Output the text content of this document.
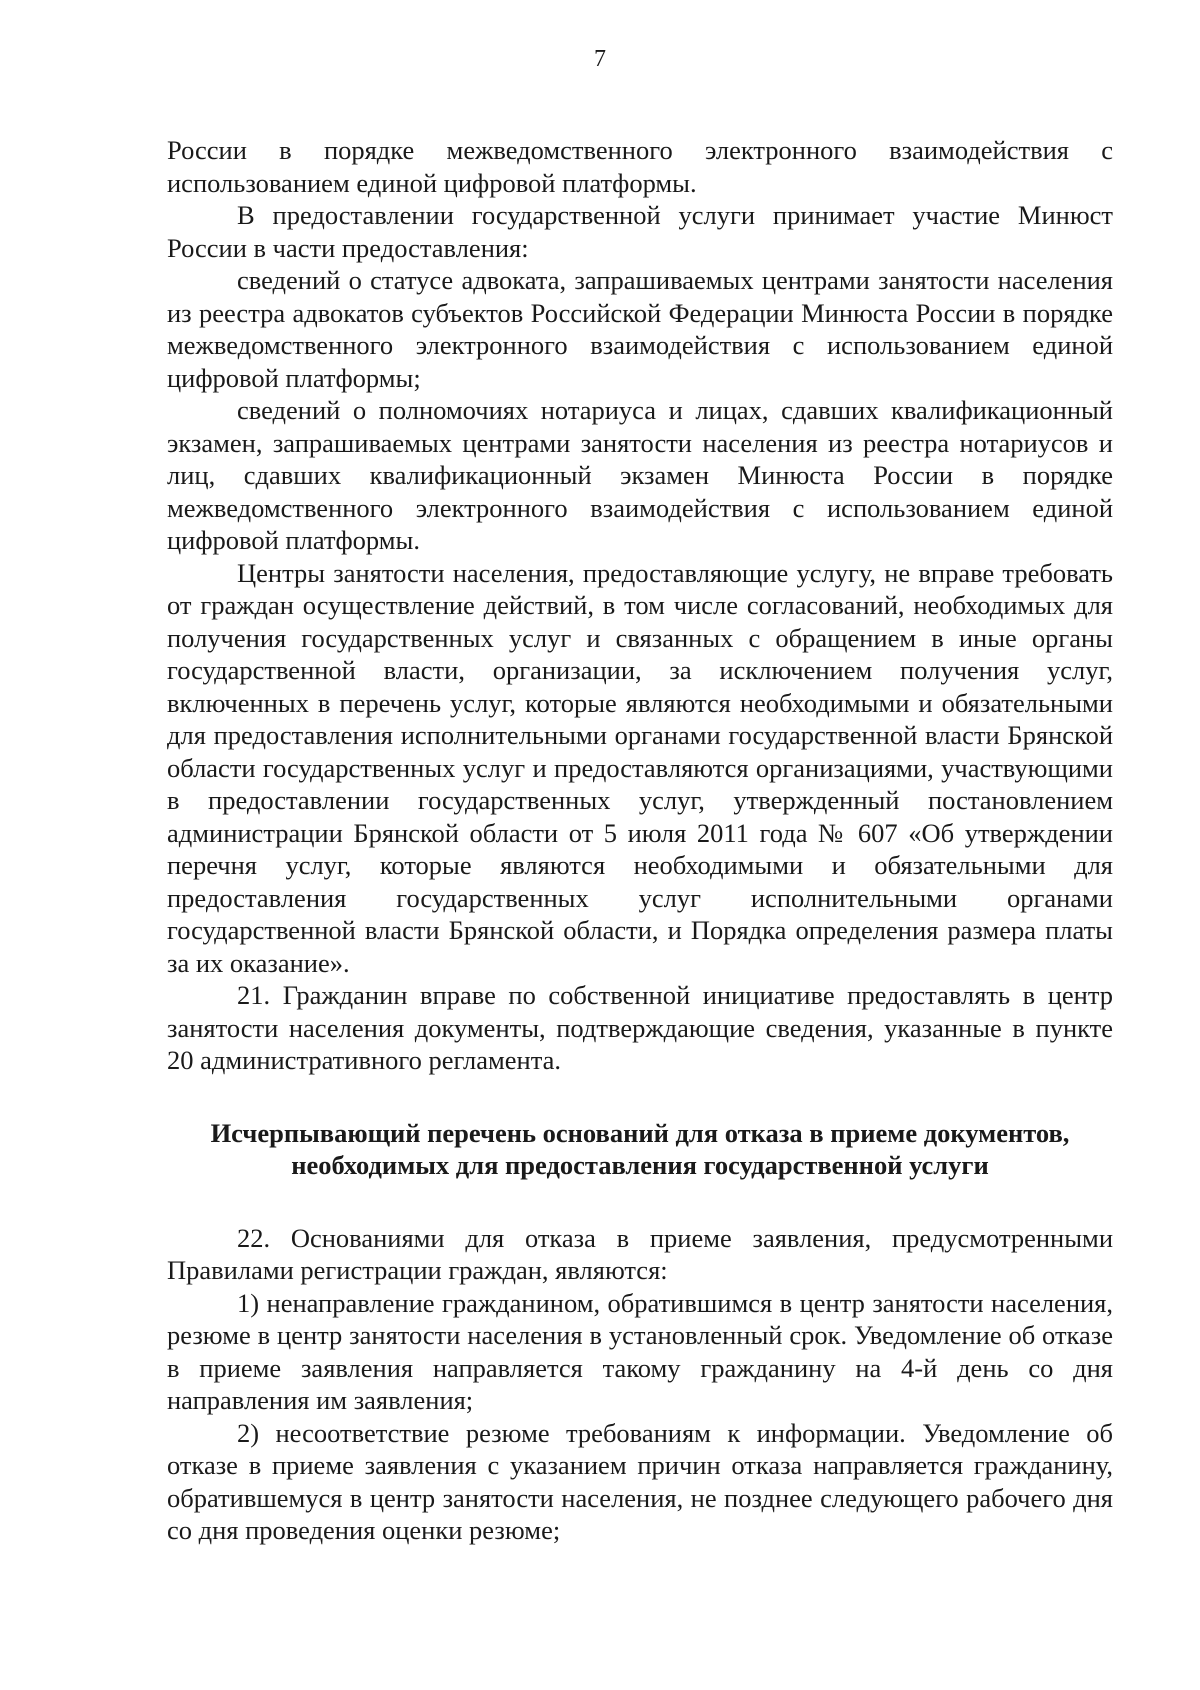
7

России в порядке межведомственного электронного взаимодействия с использованием единой цифровой платформы.

В предоставлении государственной услуги принимает участие Минюст России в части предоставления:

сведений о статусе адвоката, запрашиваемых центрами занятости населения из реестра адвокатов субъектов Российской Федерации Минюста России в порядке межведомственного электронного взаимодействия с использованием единой цифровой платформы;

сведений о полномочиях нотариуса и лицах, сдавших квалификационный экзамен, запрашиваемых центрами занятости населения из реестра нотариусов и лиц, сдавших квалификационный экзамен Минюста России в порядке межведомственного электронного взаимодействия с использованием единой цифровой платформы.

Центры занятости населения, предоставляющие услугу, не вправе требовать от граждан осуществление действий, в том числе согласований, необходимых для получения государственных услуг и связанных с обращением в иные органы государственной власти, организации, за исключением получения услуг, включенных в перечень услуг, которые являются необходимыми и обязательными для предоставления исполнительными органами государственной власти Брянской области государственных услуг и предоставляются организациями, участвующими в предоставлении государственных услуг, утвержденный постановлением администрации Брянской области от 5 июля 2011 года № 607 «Об утверждении перечня услуг, которые являются необходимыми и обязательными для предоставления государственных услуг исполнительными органами государственной власти Брянской области, и Порядка определения размера платы за их оказание».

21. Гражданин вправе по собственной инициативе предоставлять в центр занятости населения документы, подтверждающие сведения, указанные в пункте 20 административного регламента.

Исчерпывающий перечень оснований для отказа в приеме документов,
необходимых для предоставления государственной услуги

22. Основаниями для отказа в приеме заявления, предусмотренными Правилами регистрации граждан, являются:

1) ненаправление гражданином, обратившимся в центр занятости населения, резюме в центр занятости населения в установленный срок. Уведомление об отказе в приеме заявления направляется такому гражданину на 4-й день со дня направления им заявления;

2) несоответствие резюме требованиям к информации. Уведомление об отказе в приеме заявления с указанием причин отказа направляется гражданину, обратившемуся в центр занятости населения, не позднее следующего рабочего дня со дня проведения оценки резюме;
